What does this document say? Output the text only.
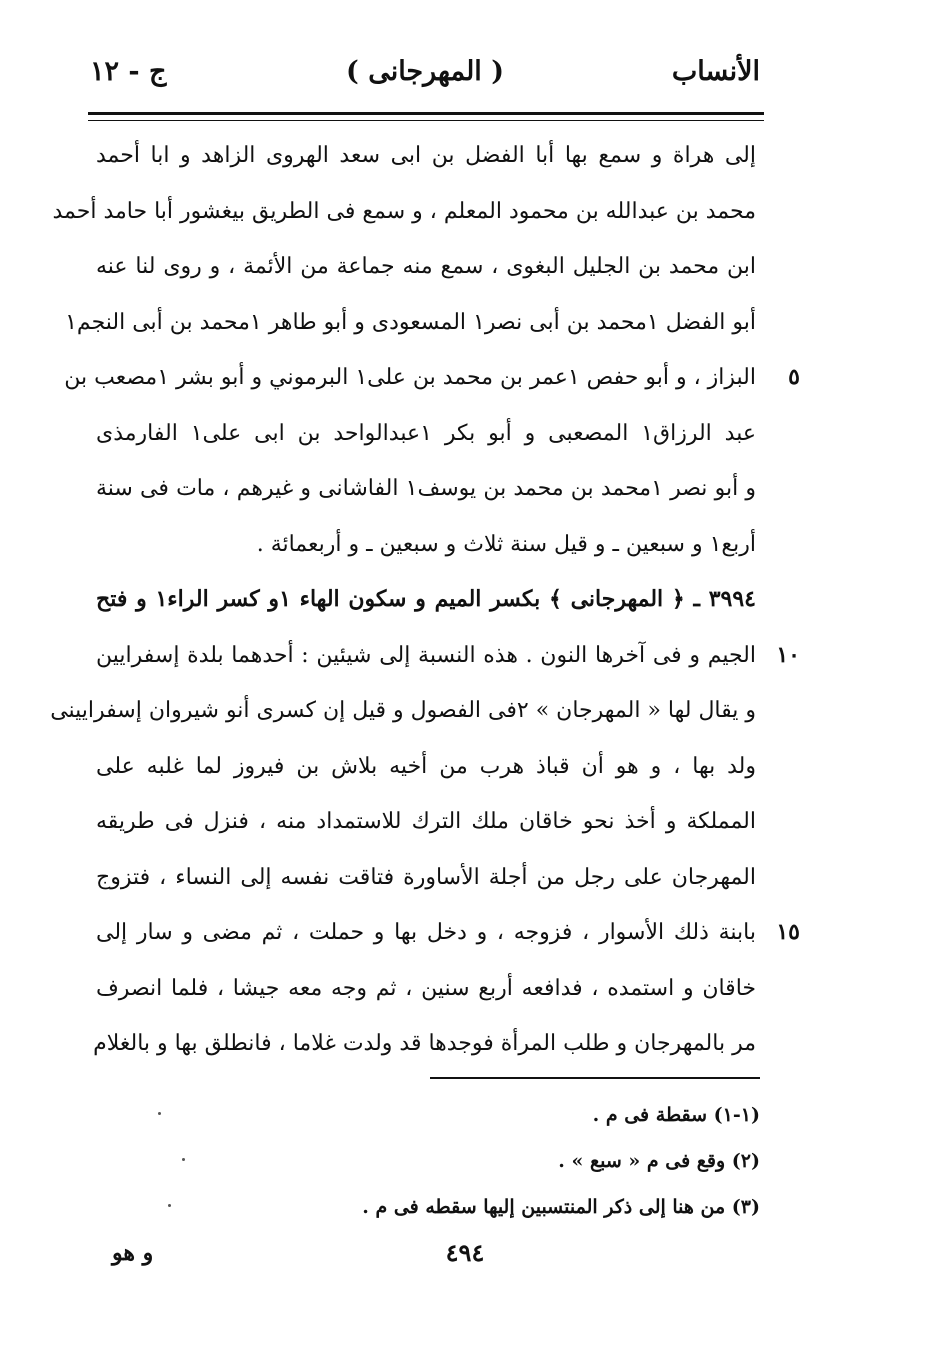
الأنساب
( المهرجانى )
ج - ١٢
إلى هراة و سمع بها أبا الفضل بن ابى سعد الهروى الزاهد و ابا أحمد
محمد بن عبدالله بن محمود المعلم ، و سمع فى الطريق بيغشور أبا حامد أحمد
ابن محمد بن الجليل البغوى ، سمع منه جماعة من الأئمة ، و روى لنا عنه
أبو الفضل ١محمد بن أبى نصر١ المسعودى و أبو طاهر ١محمد بن أبى النجم١
٥
البزاز ، و أبو حفص ١عمر بن محمد بن على١ البرموني و أبو بشر ١مصعب بن
عبد الرزاق١ المصعبى و أبو بكر ١عبدالواحد بن ابى على١ الفارمذى
و أبو نصر ١محمد بن محمد بن يوسف١ الفاشانى و غيرهم ، مات فى سنة
أربع١ و سبعين ـ و قيل سنة ثلاث و سبعين ـ و أربعمائة .
٣٩٩٤ ـ ﴿ المهرجانى ﴾ بكسر الميم و سكون الهاء ١و كسر الراء١ و فتح
١٠
الجيم و فى آخرها النون . هذه النسبة إلى شيئين : أحدهما بلدة إسفرايين
و يقال لها « المهرجان » ٢فى الفصول و قيل إن كسرى أنو شيروان إسفرايينى
ولد بها ، و هو أن قباذ هرب من أخيه بلاش بن فيروز لما غلبه على
المملكة و أخذ نحو خاقان ملك الترك للاستمداد منه ، فنزل فى طريقه
المهرجان على رجل من أجلة الأساورة فتاقت نفسه إلى النساء ، فتزوج
١٥
بابنة ذلك الأسوار ، فزوجه ، و دخل بها و حملت ، ثم مضى و سار إلى
خاقان و استمده ، فدافعه أربع سنين ، ثم وجه معه جيشا ، فلما انصرف
مر بالمهرجان و طلب المرأة فوجدها قد ولدت غلاما ، فانطلق بها و بالغلام
(١-١) سقطة فى م .
(٢) وقع فى م « سبع » .
(٣) من هنا إلى ذكر المنتسبين إليها سقطه فى م .
٤٩٤
و هو
